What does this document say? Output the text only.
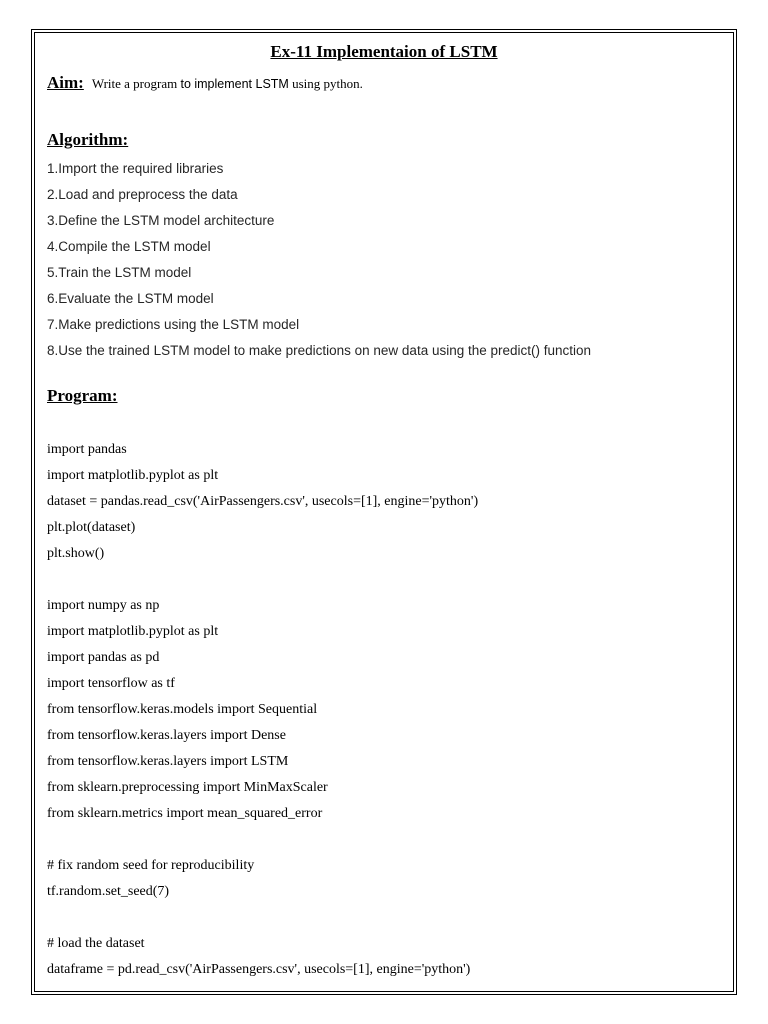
Ex-11 Implementaion of LSTM
Aim: Write a program to implement LSTM using python.
Algorithm:
1.Import the required libraries
2.Load and preprocess the data
3.Define the LSTM model architecture
4.Compile the LSTM model
5.Train the LSTM model
6.Evaluate the LSTM model
7.Make predictions using the LSTM model
8.Use the trained LSTM model to make predictions on new data using the predict() function
Program:
import pandas
import matplotlib.pyplot as plt
dataset = pandas.read_csv('AirPassengers.csv', usecols=[1], engine='python')
plt.plot(dataset)
plt.show()
import numpy as np
import matplotlib.pyplot as plt
import pandas as pd
import tensorflow as tf
from tensorflow.keras.models import Sequential
from tensorflow.keras.layers import Dense
from tensorflow.keras.layers import LSTM
from sklearn.preprocessing import MinMaxScaler
from sklearn.metrics import mean_squared_error
# fix random seed for reproducibility
tf.random.set_seed(7)
# load the dataset
dataframe = pd.read_csv('AirPassengers.csv', usecols=[1], engine='python')
